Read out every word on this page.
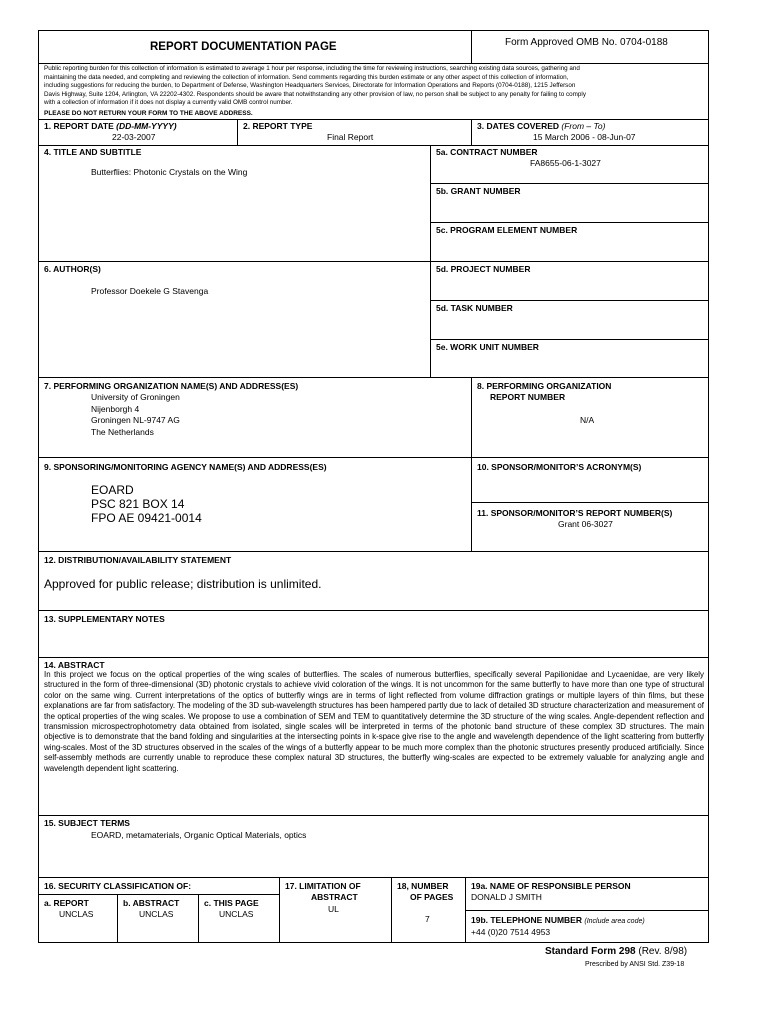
REPORT DOCUMENTATION PAGE	Form Approved OMB No. 0704-0188
Public reporting burden for this collection of information is estimated to average 1 hour per response, including the time for reviewing instructions, searching existing data sources, gathering and
maintaining the data needed, and completing and reviewing the collection of information. Send comments regarding this burden estimate or any other aspect of this collection of information,
including suggestions for reducing the burden, to Department of Defense, Washington Headquarters Services, Directorate for Information Operations and Reports (0704-0188), 1215 Jefferson
Davis Highway, Suite 1204, Arlington, VA 22202-4302. Respondents should be aware that notwithstanding any other provision of law, no person shall be subject to any penalty for failing to comply
with a collection of information if it does not display a currently valid OMB control number.
PLEASE DO NOT RETURN YOUR FORM TO THE ABOVE ADDRESS.
1. REPORT DATE (DD-MM-YYYY)
22-03-2007
2. REPORT TYPE
Final Report
3. DATES COVERED (From – To)
15 March 2006 - 08-Jun-07
4. TITLE AND SUBTITLE
Butterflies: Photonic Crystals on the Wing
5a. CONTRACT NUMBER
FA8655-06-1-3027
5b. GRANT NUMBER
5c. PROGRAM ELEMENT NUMBER
6. AUTHOR(S)
Professor Doekele G Stavenga
5d. PROJECT NUMBER
5d. TASK NUMBER
5e. WORK UNIT NUMBER
7. PERFORMING ORGANIZATION NAME(S) AND ADDRESS(ES)
University of Groningen
Nijenborgh 4
Groningen NL-9747 AG
The Netherlands
8. PERFORMING ORGANIZATION
REPORT NUMBER
N/A
9. SPONSORING/MONITORING AGENCY NAME(S) AND ADDRESS(ES)
EOARD
PSC 821 BOX 14
FPO AE 09421-0014
10. SPONSOR/MONITOR’S ACRONYM(S)
11. SPONSOR/MONITOR’S REPORT NUMBER(S)
Grant 06-3027
12. DISTRIBUTION/AVAILABILITY STATEMENT
Approved for public release; distribution is unlimited.
13. SUPPLEMENTARY NOTES
14. ABSTRACT
In this project we focus on the optical properties of the wing scales of butterflies. The scales of numerous butterflies, specifically several Papilionidae and Lycaenidae, are very likely structured in the form of three-dimensional (3D) photonic crystals to achieve vivid coloration of the wings. It is not uncommon for the same butterfly to have more than one type of structural color on the same wing. Current interpretations of the optics of butterfly wings are in terms of light reflected from volume diffraction gratings or multiple layers of thin films, but these explanations are far from satisfactory. The modeling of the 3D sub-wavelength structures has been hampered partly due to lack of detailed 3D structure characterization and measurement of the optical properties of the wing scales. We propose to use a combination of SEM and TEM to quantitatively determine the 3D structure of the wing scales. Angle-dependent reflection and transmission microspectrophotometry data obtained from isolated, single scales will be interpreted in terms of the photonic band structure of these complex 3D structures. The main objective is to demonstrate that the band folding and singularities at the intersecting points in k-space give rise to the angle and wavelength dependence of the light scattering from butterfly wing-scales. Most of the 3D structures observed in the scales of the wings of a butterfly appear to be much more complex than the photonic structures presently produced artificially. Since self-assembly methods are currently unable to reproduce these complex natural 3D structures, the butterfly wing-scales are expected to be extremely valuable for analyzing angle and wavelength dependent light scattering.
15. SUBJECT TERMS
EOARD, metamaterials, Organic Optical Materials, optics
16. SECURITY CLASSIFICATION OF:
a. REPORT
UNCLAS
b. ABSTRACT
UNCLAS
c. THIS PAGE
UNCLAS
17. LIMITATION OF
ABSTRACT
UL
18, NUMBER
OF PAGES
7
19a. NAME OF RESPONSIBLE PERSON
DONALD J SMITH
19b. TELEPHONE NUMBER (Include area code)
+44 (0)20 7514 4953
Standard Form 298 (Rev. 8/98)
Prescribed by ANSI Std. Z39-18
